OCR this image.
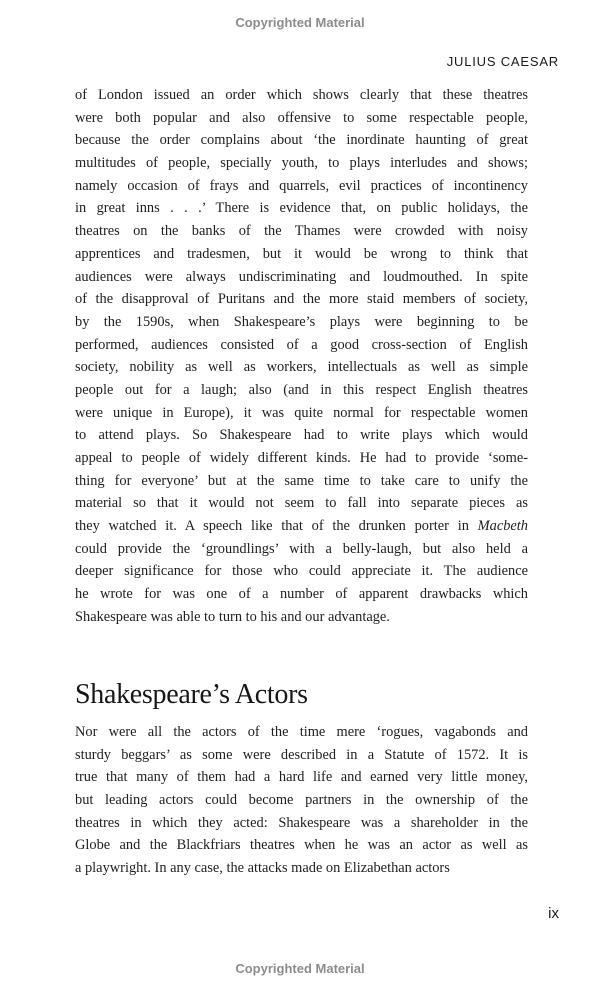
Copyrighted Material
JULIUS CAESAR
of London issued an order which shows clearly that these theatres
were both popular and also offensive to some respectable people,
because the order complains about ‘the inordinate haunting of great
multitudes of people, specially youth, to plays interludes and shows;
namely occasion of frays and quarrels, evil practices of incontinency
in great inns . . .’ There is evidence that, on public holidays, the
theatres on the banks of the Thames were crowded with noisy
apprentices and tradesmen, but it would be wrong to think that
audiences were always undiscriminating and loudmouthed. In spite
of the disapproval of Puritans and the more staid members of society,
by the 1590s, when Shakespeare’s plays were beginning to be
performed, audiences consisted of a good cross-section of English
society, nobility as well as workers, intellectuals as well as simple
people out for a laugh; also (and in this respect English theatres
were unique in Europe), it was quite normal for respectable women
to attend plays. So Shakespeare had to write plays which would
appeal to people of widely different kinds. He had to provide ‘some-
thing for everyone’ but at the same time to take care to unify the
material so that it would not seem to fall into separate pieces as
they watched it. A speech like that of the drunken porter in Macbeth
could provide the ‘groundlings’ with a belly-laugh, but also held a
deeper significance for those who could appreciate it. The audience
he wrote for was one of a number of apparent drawbacks which
Shakespeare was able to turn to his and our advantage.
Shakespeare’s Actors
Nor were all the actors of the time mere ‘rogues, vagabonds and
sturdy beggars’ as some were described in a Statute of 1572. It is
true that many of them had a hard life and earned very little money,
but leading actors could become partners in the ownership of the
theatres in which they acted: Shakespeare was a shareholder in the
Globe and the Blackfriars theatres when he was an actor as well as
a playwright. In any case, the attacks made on Elizabethan actors
ix
Copyrighted Material
